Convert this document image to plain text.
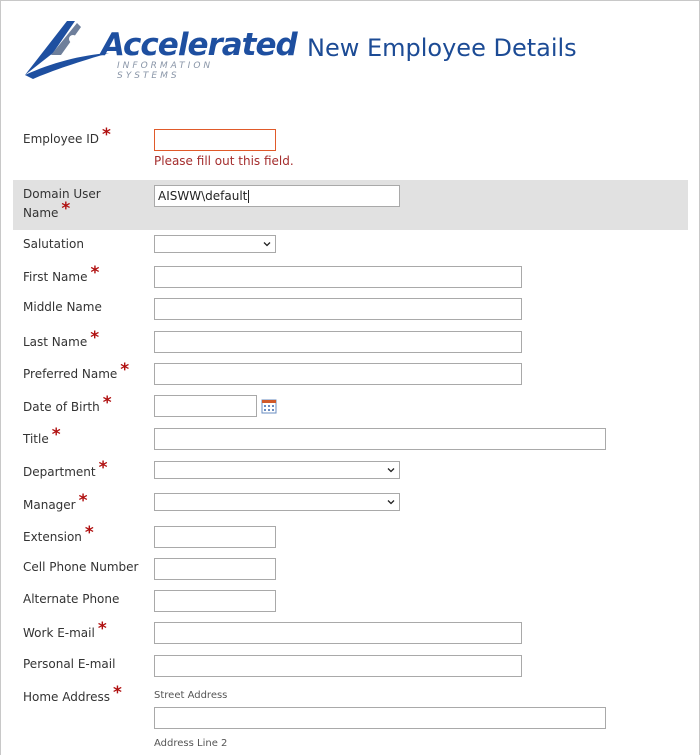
Accelerated
INFORMATION SYSTEMS
New Employee Details
Employee ID *
Please fill out this field.
Domain User
Name *
AISWW\default
Salutation
First Name *
Middle Name
Last Name *
Preferred Name *
Date of Birth *
Title *
Department *
Manager *
Extension *
Cell Phone Number
Alternate Phone
Work E-mail *
Personal E-mail
Home Address *	Street Address
Address Line 2
